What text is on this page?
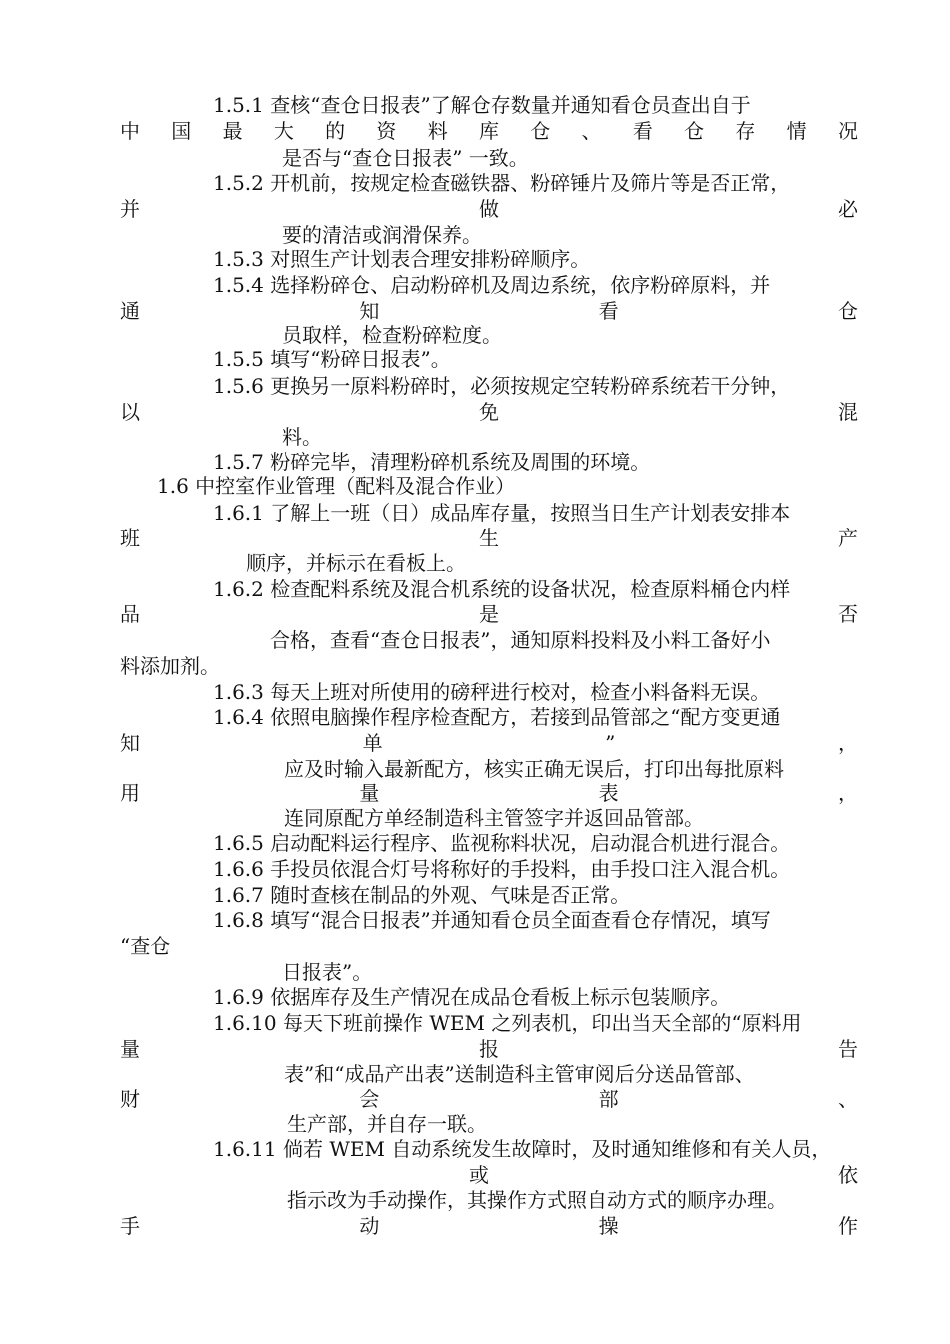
1.5.1 查核“查仓日报表”了解仓存数量并通知看仓员查出自于
中 国 最 大 的 资 料 库 仓 、 看 仓 存 情 况
是否与“查仓日报表” 一致。
1.5.2 开机前，按规定检查磁铁器、粉碎锤片及筛片等是否正常，
并	做	必
要的清洁或润滑保养。
1.5.3 对照生产计划表合理安排粉碎顺序。
1.5.4 选择粉碎仓、启动粉碎机及周边系统，依序粉碎原料，并
通	知	看	仓
员取样，检查粉碎粒度。
1.5.5 填写“粉碎日报表”。
1.5.6 更换另一原料粉碎时，必须按规定空转粉碎系统若干分钟，
以	免	混
料。
1.5.7 粉碎完毕，清理粉碎机系统及周围的环境。
1.6 中控室作业管理（配料及混合作业）
1.6.1 了解上一班（日）成品库存量，按照当日生产计划表安排本
班	生	产
顺序，并标示在看板上。
1.6.2 检查配料系统及混合机系统的设备状况，检查原料桶仓内样
品	是	否
合格，查看“查仓日报表”，通知原料投料及小料工备好小
料添加剂。
1.6.3 每天上班对所使用的磅秤进行校对，检查小料备料无误。
1.6.4 依照电脑操作程序检查配方，若接到品管部之“配方变更通
知	单	”	，
应及时输入最新配方，核实正确无误后，打印出每批原料
用	量	表	，
连同原配方单经制造科主管签字并返回品管部。
1.6.5 启动配料运行程序、监视称料状况，启动混合机进行混合。
1.6.6 手投员依混合灯号将称好的手投料，由手投口注入混合机。
1.6.7 随时查核在制品的外观、气味是否正常。
1.6.8 填写“混合日报表”并通知看仓员全面查看仓存情况，填写
“查仓
日报表”。
1.6.9 依据库存及生产情况在成品仓看板上标示包装顺序。
1.6.10 每天下班前操作 WEM 之列表机，印出当天全部的“原料用
量	报	告
表”和“成品产出表”送制造科主管审阅后分送品管部、
财	会	部	、
生产部，并自存一联。
1.6.11 倘若 WEM 自动系统发生故障时，及时通知维修和有关人员，
或	依
指示改为手动操作，其操作方式照自动方式的顺序办理。
手	动	操	作
